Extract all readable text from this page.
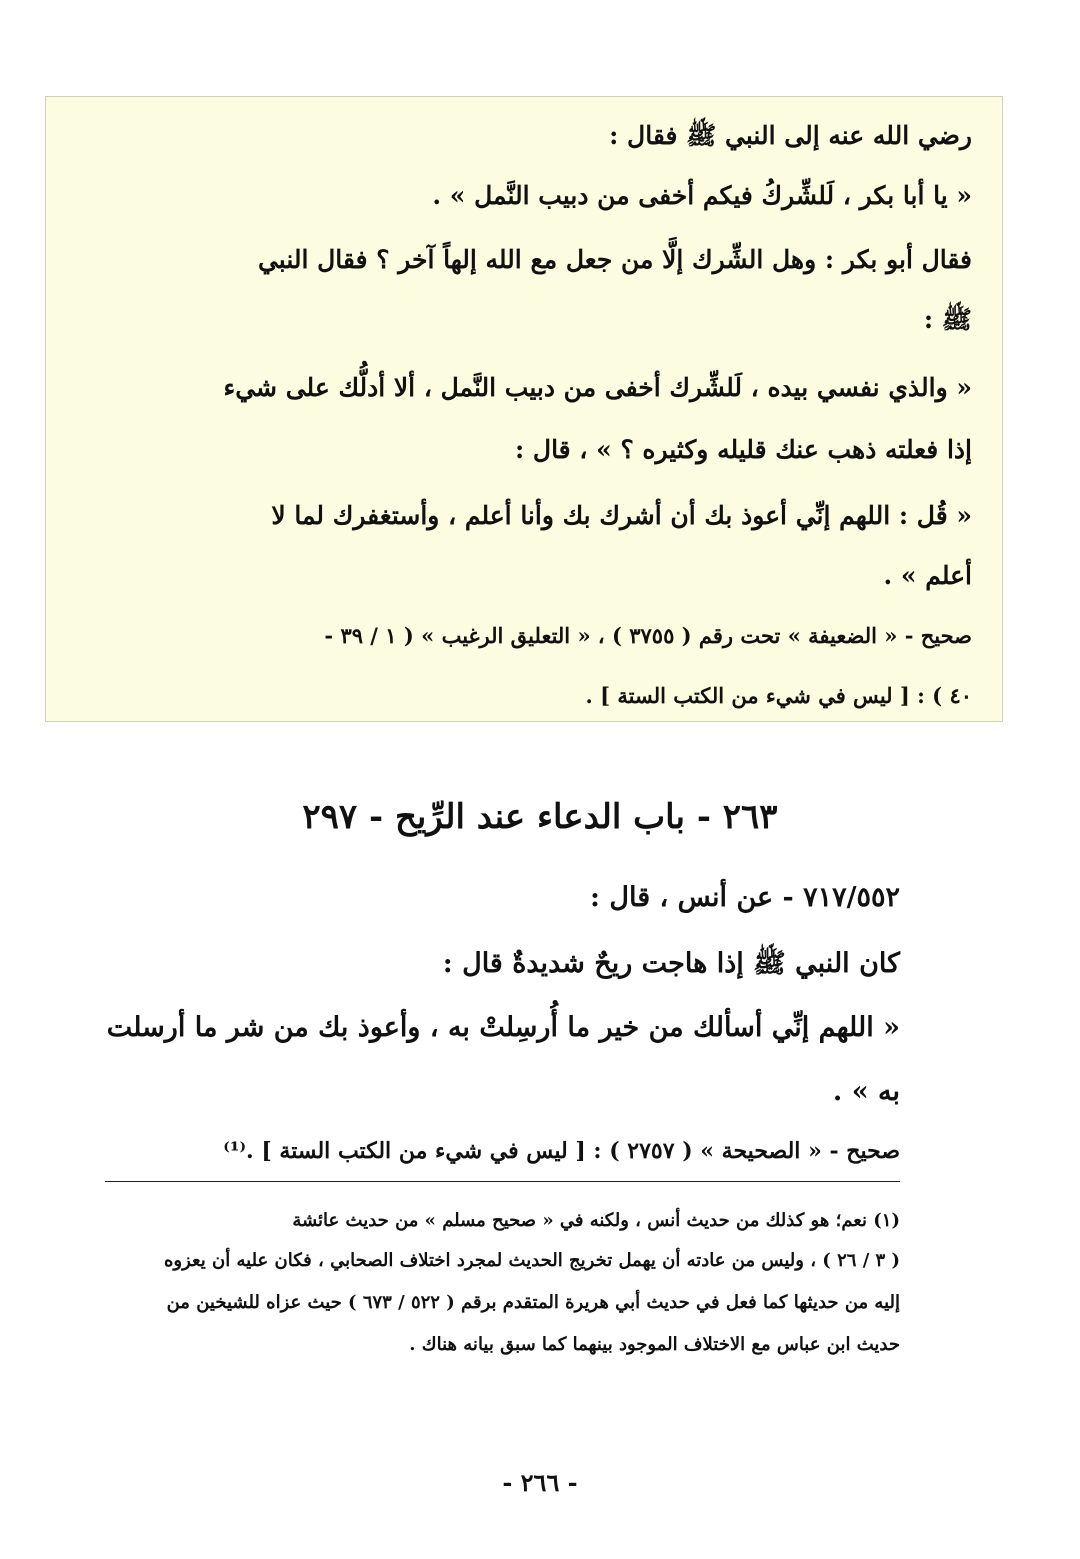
رضي الله عنه إلى النبي ﷺ فقال :
« يا أبا بكر ، لَلشِّركُ فيكم أخفى من دبيب النَّمل » .
فقال أبو بكر : وهل الشِّرك إلَّا من جعل مع الله إلهاً آخر ؟ فقال النبي
ﷺ :
« والذي نفسي بيده ، لَلشِّرك أخفى من دبيب النَّمل ، ألا أدلُّك على شيء
إذا فعلته ذهب عنك قليله وكثيره ؟ » ، قال :
« قُل : اللهم إنِّي أعوذ بك أن أشرك بك وأنا أعلم ، وأستغفرك لما لا
أعلم » .
صحيح - « الضعيفة » تحت رقم ( ٣٧٥٥ ) ، « التعليق الرغيب » ( ١ / ٣٩ -
٤٠ ) : [ ليس في شيء من الكتب الستة ] .
٢٦٣ - باب الدعاء عند الرِّيح - ٢٩٧
٧١٧/٥٥٢ - عن أنس ، قال :
كان النبي ﷺ إذا هاجت ريحٌ شديدةٌ قال :
« اللهم إنِّي أسألك من خير ما أُرسِلتْ به ، وأعوذ بك من شر ما أرسلت
به » .
صحيح - « الصحيحة » ( ٢٧٥٧ ) : [ ليس في شيء من الكتب الستة ] .⁽¹⁾
(١) نعم؛ هو كذلك من حديث أنس ، ولكنه في « صحيح مسلم » من حديث عائشة
( ٣ / ٢٦ ) ، وليس من عادته أن يهمل تخريج الحديث لمجرد اختلاف الصحابي ، فكان عليه أن يعزوه
إليه من حديثها كما فعل في حديث أبي هريرة المتقدم برقم ( ٥٢٢ / ٦٧٣ ) حيث عزاه للشيخين من
حديث ابن عباس مع الاختلاف الموجود بينهما كما سبق بيانه هناك .
- ٢٦٦ -
